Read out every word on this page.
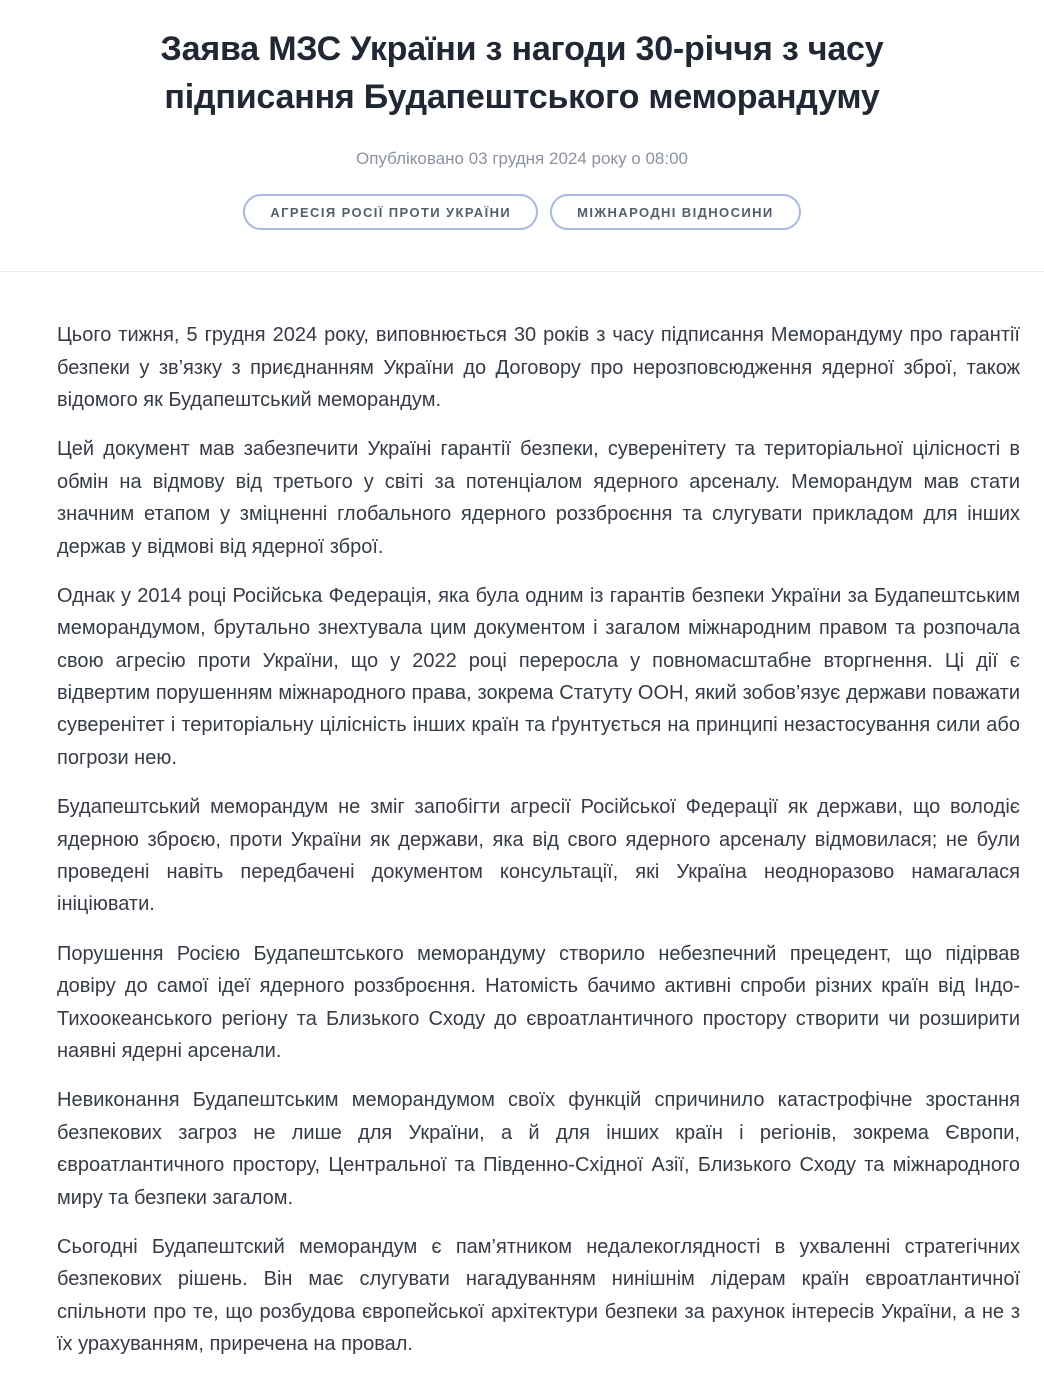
Заява МЗС України з нагоди 30-річчя з часу підписання Будапештського меморандуму
Опубліковано 03 грудня 2024 року о 08:00
АГРЕСІЯ РОСІЇ ПРОТИ УКРАЇНИ	МІЖНАРОДНІ ВІДНОСИНИ

Цього тижня, 5 грудня 2024 року, виповнюється 30 років з часу підписання Меморандуму про гарантії безпеки у зв’язку з приєднанням України до Договору про нерозповсюдження ядерної зброї, також відомого як Будапештський меморандум.

Цей документ мав забезпечити Україні гарантії безпеки, суверенітету та територіальної цілісності в обмін на відмову від третього у світі за потенціалом ядерного арсеналу. Меморандум мав стати значним етапом у зміцненні глобального ядерного роззброєння та слугувати прикладом для інших держав у відмові від ядерної зброї.

Однак у 2014 році Російська Федерація, яка була одним із гарантів безпеки України за Будапештським меморандумом, брутально знехтувала цим документом і загалом міжнародним правом та розпочала свою агресію проти України, що у 2022 році переросла у повномасштабне вторгнення. Ці дії є відвертим порушенням міжнародного права, зокрема Статуту ООН, який зобов’язує держави поважати суверенітет і територіальну цілісність інших країн та ґрунтується на принципі незастосування сили або погрози нею.

Будапештський меморандум не зміг запобігти агресії Російської Федерації як держави, що володіє ядерною зброєю, проти України як держави, яка від свого ядерного арсеналу відмовилася; не були проведені навіть передбачені документом консультації, які Україна неодноразово намагалася ініціювати.

Порушення Росією Будапештського меморандуму створило небезпечний прецедент, що підірвав довіру до самої ідеї ядерного роззброєння. Натомість бачимо активні спроби різних країн від Індо-Тихоокеанського регіону та Близького Сходу до євроатлантичного простору створити чи розширити наявні ядерні арсенали.

Невиконання Будапештським меморандумом своїх функцій спричинило катастрофічне зростання безпекових загроз не лише для України, а й для інших країн і регіонів, зокрема Європи, євроатлантичного простору, Центральної та Південно-Східної Азії, Близького Сходу та міжнародного миру та безпеки загалом.

Сьогодні Будапештский меморандум є пам’ятником недалекоглядності в ухваленні стратегічних безпекових рішень. Він має слугувати нагадуванням нинішнім лідерам країн євроатлантичної спільноти про те, що розбудова європейської архітектури безпеки за рахунок інтересів України, а не з їх урахуванням, приречена на провал.
